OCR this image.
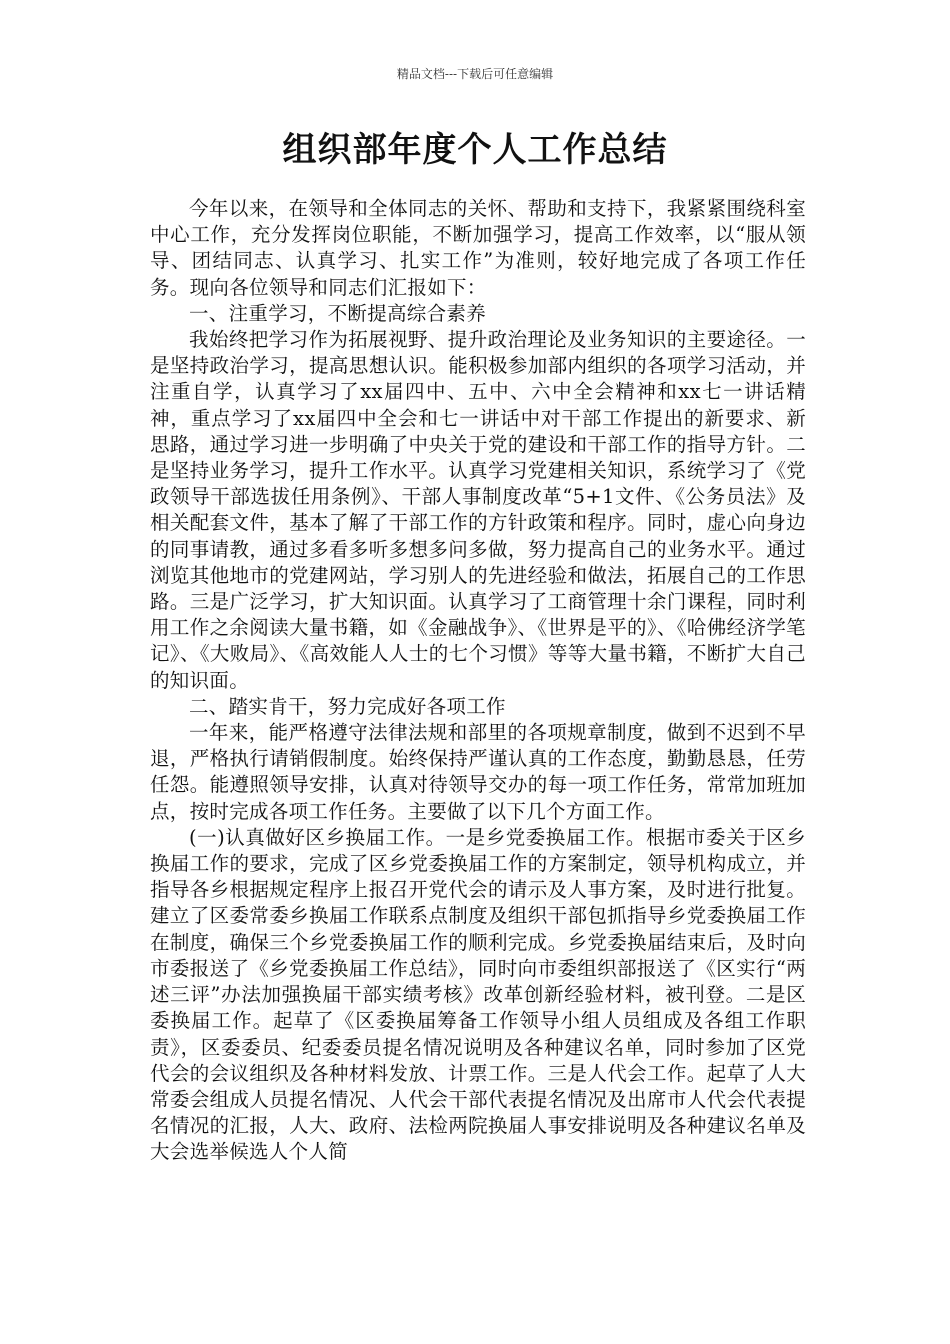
精品文档---下载后可任意编辑
组织部年度个人工作总结

今年以来，在领导和全体同志的关怀、帮助和支持下，我紧紧围绕科室中心工作，充分发挥岗位职能，不断加强学习，提高工作效率，以“服从领导、团结同志、认真学习、扎实工作”为准则，较好地完成了各项工作任务。现向各位领导和同志们汇报如下：

一、注重学习，不断提高综合素养

我始终把学习作为拓展视野、提升政治理论及业务知识的主要途径。一是坚持政治学习，提高思想认识。能积极参加部内组织的各项学习活动，并注重自学，认真学习了xx届四中、五中、六中全会精神和xx七一讲话精神，重点学习了xx届四中全会和七一讲话中对干部工作提出的新要求、新思路，通过学习进一步明确了中央关于党的建设和干部工作的指导方针。二是坚持业务学习，提升工作水平。认真学习党建相关知识，系统学习了《党政领导干部选拔任用条例》、干部人事制度改革“5+1文件、《公务员法》及相关配套文件，基本了解了干部工作的方针政策和程序。同时，虚心向身边的同事请教，通过多看多听多想多问多做，努力提高自己的业务水平。通过浏览其他地市的党建网站，学习别人的先进经验和做法，拓展自己的工作思路。三是广泛学习，扩大知识面。认真学习了工商管理十余门课程，同时利用工作之余阅读大量书籍，如《金融战争》、《世界是平的》、《哈佛经济学笔记》、《大败局》、《高效能人人士的七个习惯》等等大量书籍，不断扩大自己的知识面。

二、踏实肯干，努力完成好各项工作

一年来，能严格遵守法律法规和部里的各项规章制度，做到不迟到不早退，严格执行请销假制度。始终保持严谨认真的工作态度，勤勤恳恳，任劳任怨。能遵照领导安排，认真对待领导交办的每一项工作任务，常常加班加点，按时完成各项工作任务。主要做了以下几个方面工作。

(一)认真做好区乡换届工作。一是乡党委换届工作。根据市委关于区乡换届工作的要求，完成了区乡党委换届工作的方案制定，领导机构成立，并指导各乡根据规定程序上报召开党代会的请示及人事方案，及时进行批复。建立了区委常委乡换届工作联系点制度及组织干部包抓指导乡党委换届工作在制度，确保三个乡党委换届工作的顺利完成。乡党委换届结束后，及时向市委报送了《乡党委换届工作总结》，同时向市委组织部报送了《区实行“两述三评”办法加强换届干部实绩考核》改革创新经验材料，被刊登。二是区委换届工作。起草了《区委换届筹备工作领导小组人员组成及各组工作职责》，区委委员、纪委委员提名情况说明及各种建议名单，同时参加了区党代会的会议组织及各种材料发放、计票工作。三是人代会工作。起草了人大常委会组成人员提名情况、人代会干部代表提名情况及出席市人代会代表提名情况的汇报，人大、政府、法检两院换届人事安排说明及各种建议名单及大会选举候选人个人简
